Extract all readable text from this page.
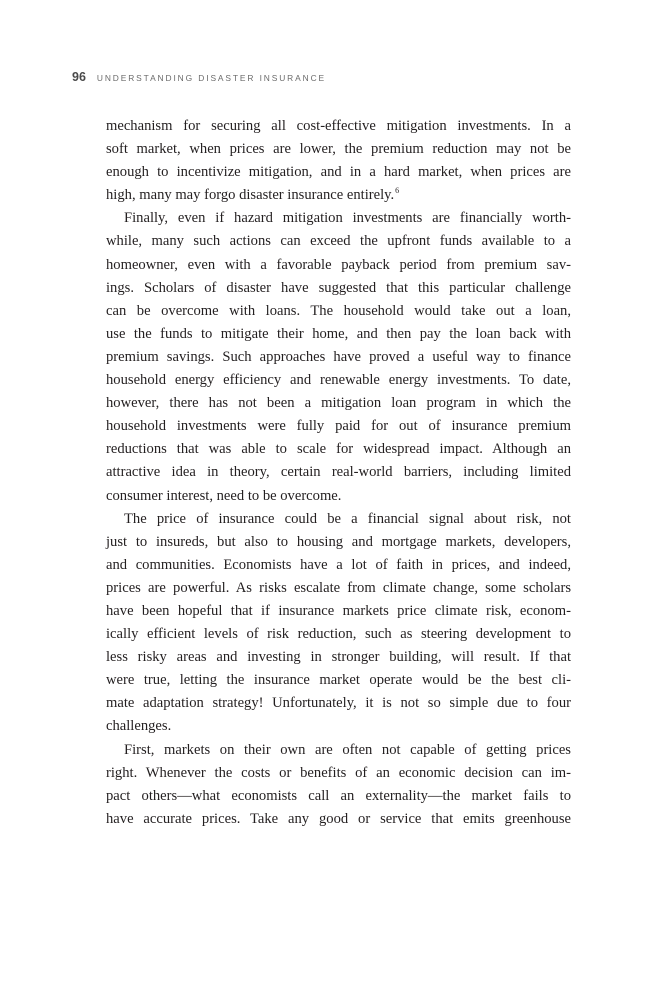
96 UNDERSTANDING DISASTER INSURANCE
mechanism for securing all cost-effective mitigation investments. In a
soft market, when prices are lower, the premium reduction may not be
enough to incentivize mitigation, and in a hard market, when prices are
high, many may forgo disaster insurance entirely.$^6$
Finally, even if hazard mitigation investments are financially worth-
while, many such actions can exceed the upfront funds available to a
homeowner, even with a favorable payback period from premium sav-
ings. Scholars of disaster have suggested that this particular challenge
can be overcome with loans. The household would take out a loan,
use the funds to mitigate their home, and then pay the loan back with
premium savings. Such approaches have proved a useful way to finance
household energy efficiency and renewable energy investments. To date,
however, there has not been a mitigation loan program in which the
household investments were fully paid for out of insurance premium
reductions that was able to scale for widespread impact. Although an
attractive idea in theory, certain real-world barriers, including limited
consumer interest, need to be overcome.
The price of insurance could be a financial signal about risk, not
just to insureds, but also to housing and mortgage markets, developers,
and communities. Economists have a lot of faith in prices, and indeed,
prices are powerful. As risks escalate from climate change, some scholars
have been hopeful that if insurance markets price climate risk, econom-
ically efficient levels of risk reduction, such as steering development to
less risky areas and investing in stronger building, will result. If that
were true, letting the insurance market operate would be the best cli-
mate adaptation strategy! Unfortunately, it is not so simple due to four
challenges.
First, markets on their own are often not capable of getting prices
right. Whenever the costs or benefits of an economic decision can im-
pact others—what economists call an externality—the market fails to
have accurate prices. Take any good or service that emits greenhouse
